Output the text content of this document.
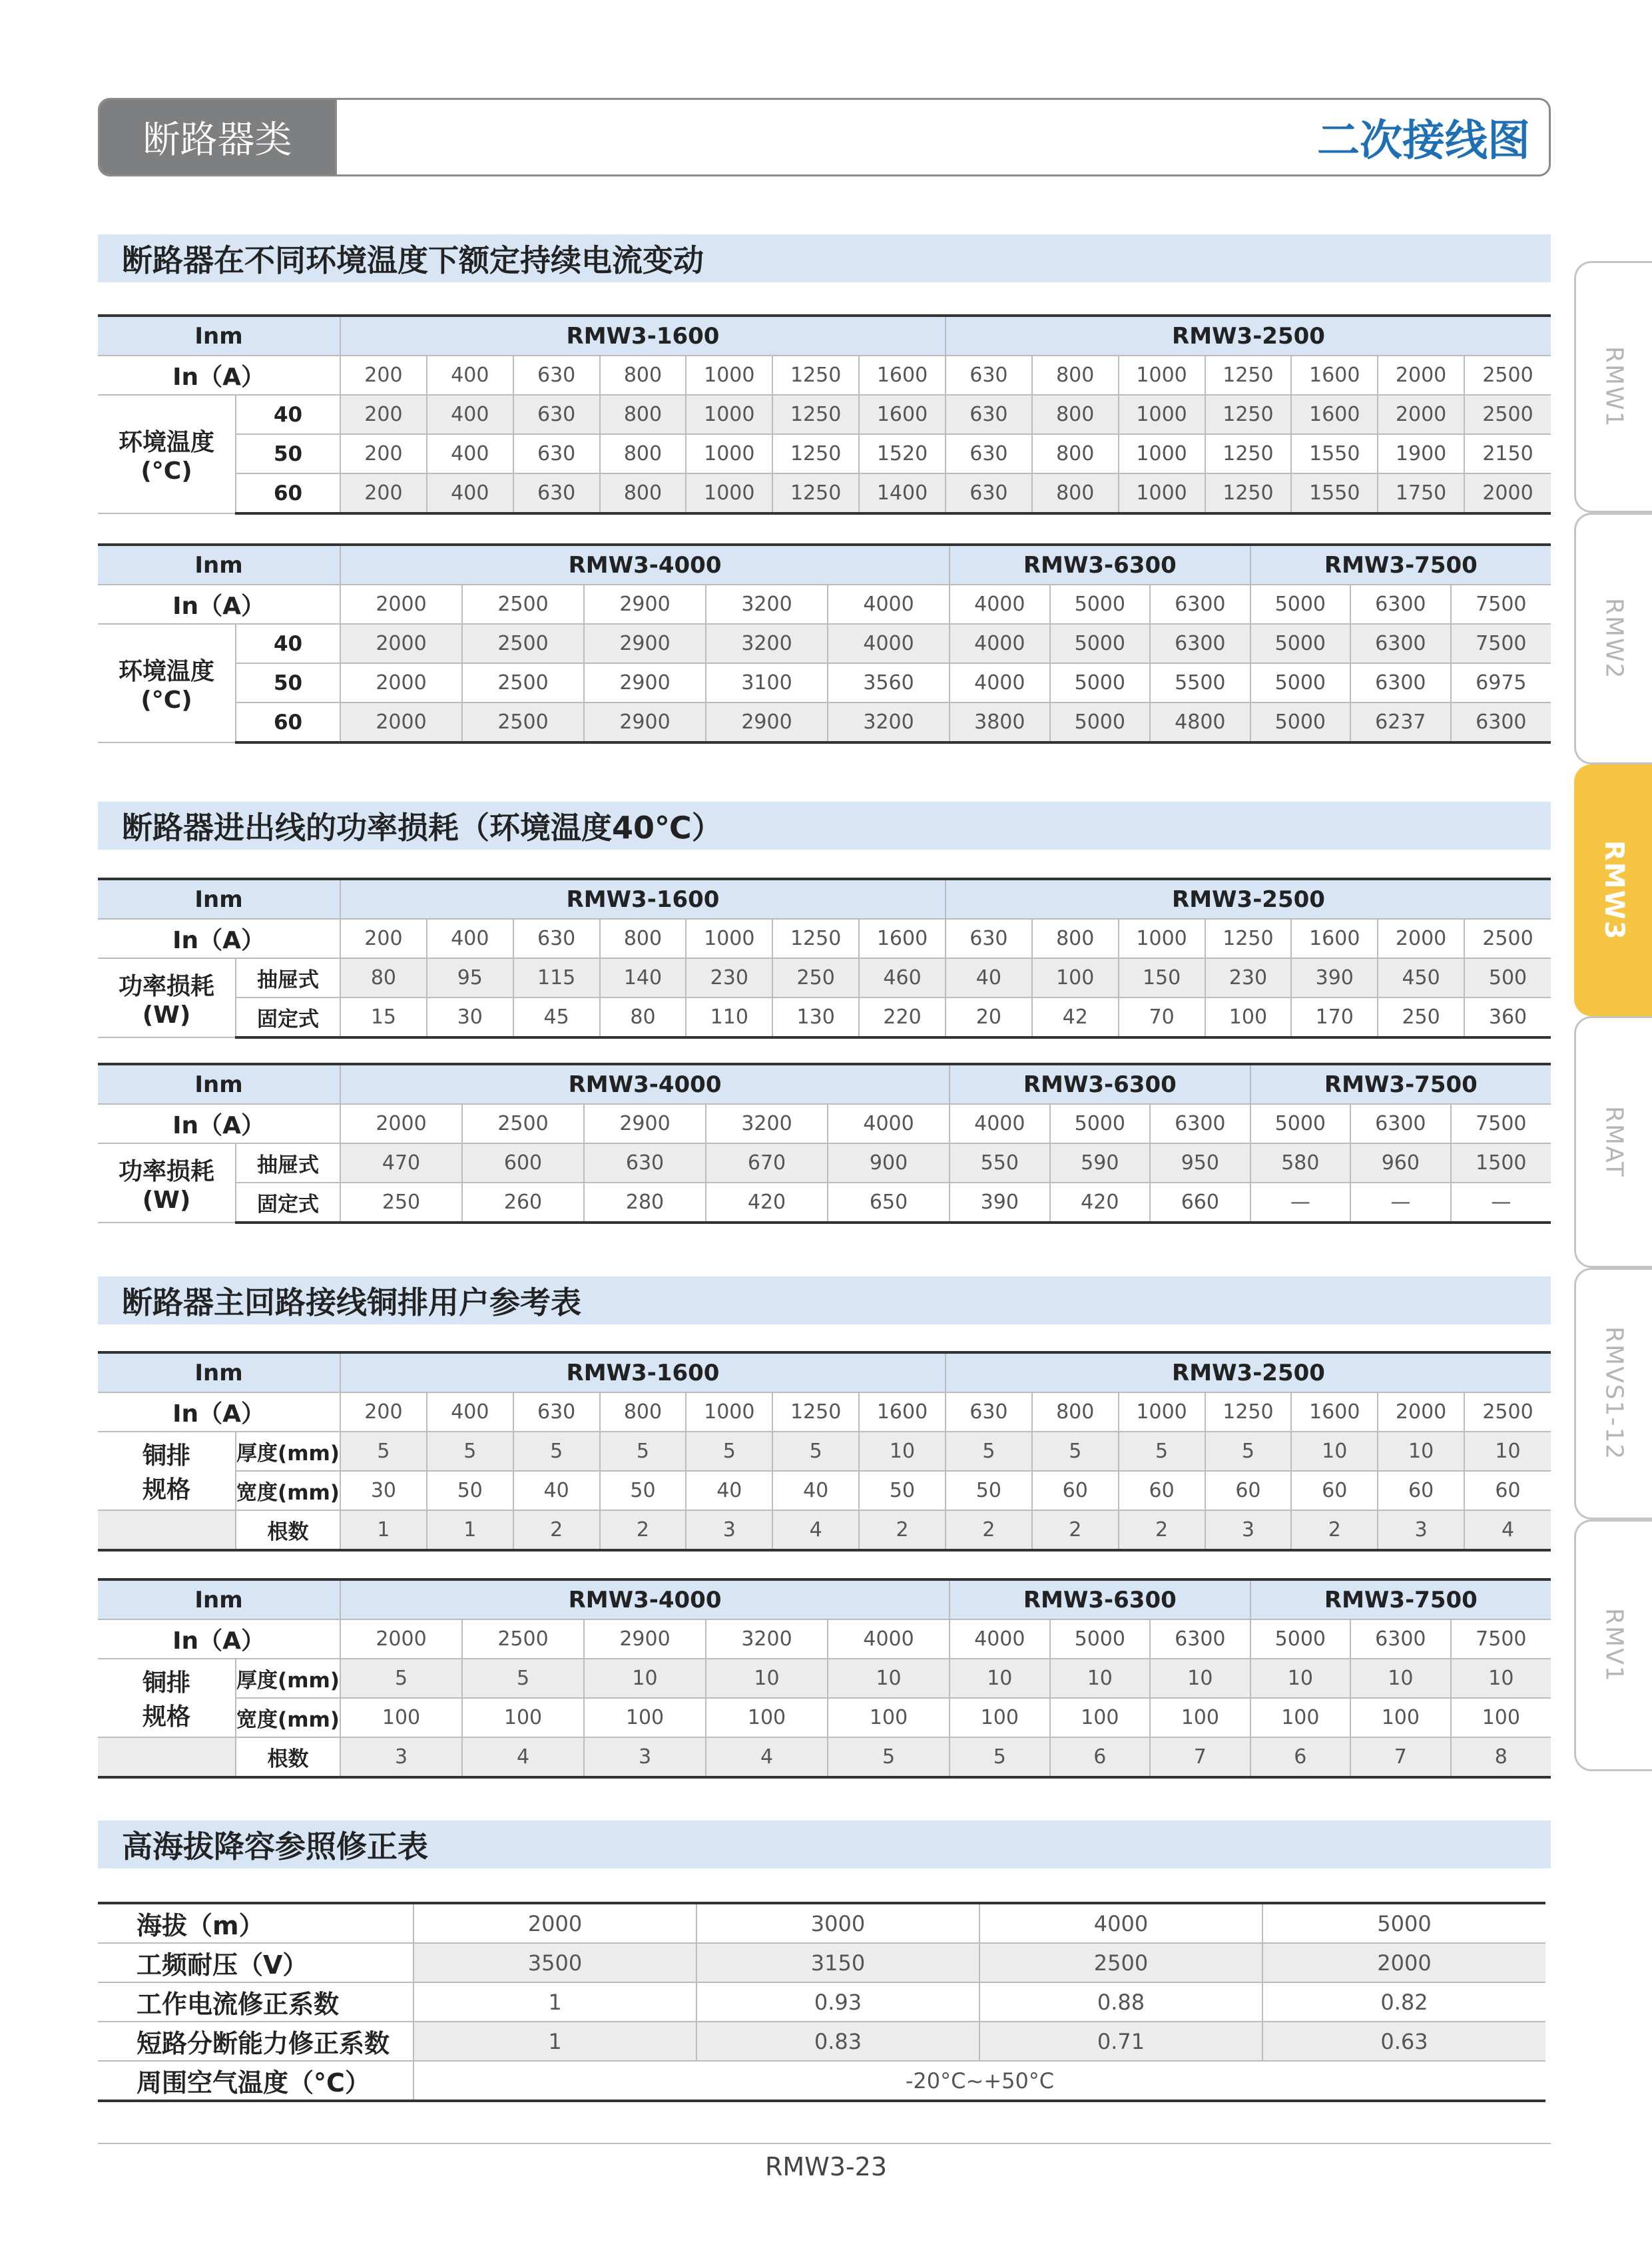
断路器类	二次接线图
断路器在不同环境温度下额定持续电流变动
断路器进出线的功率损耗（环境温度40℃）
断路器主回路接线铜排用户参考表
高海拔降容参照修正表
Inm		RMW3-1600							RMW3-2500						
In（A）		200	400	630	800	1000	1250	1600	630	800	1000	1250	1600	2000	2500
环境温度
(°C)	40	200	400	630	800	1000	1250	1600	630	800	1000	1250	1600	2000	2500
	50	200	400	630	800	1000	1250	1520	630	800	1000	1250	1550	1900	2150
	60	200	400	630	800	1000	1250	1400	630	800	1000	1250	1550	1750	2000
Inm		RMW3-4000					RMW3-6300			RMW3-7500		
In（A）		2000	2500	2900	3200	4000	4000	5000	6300	5000	6300	7500
环境温度
(°C)	40	2000	2500	2900	3200	4000	4000	5000	6300	5000	6300	7500
	50	2000	2500	2900	3100	3560	4000	5000	5500	5000	6300	6975
	60	2000	2500	2900	2900	3200	3800	5000	4800	5000	6237	6300
Inm		RMW3-1600							RMW3-2500						
In（A）		200	400	630	800	1000	1250	1600	630	800	1000	1250	1600	2000	2500
功率损耗
(W)	抽屉式	80	95	115	140	230	250	460	40	100	150	230	390	450	500
	固定式	15	30	45	80	110	130	220	20	42	70	100	170	250	360
Inm		RMW3-4000					RMW3-6300			RMW3-7500		
In（A）		2000	2500	2900	3200	4000	4000	5000	6300	5000	6300	7500
功率损耗
(W)	抽屉式	470	600	630	670	900	550	590	950	580	960	1500
	固定式	250	260	280	420	650	390	420	660	—	—	—
Inm		RMW3-1600							RMW3-2500						
In（A）		200	400	630	800	1000	1250	1600	630	800	1000	1250	1600	2000	2500
铜排
规格	厚度(mm)	5	5	5	5	5	5	10	5	5	5	5	10	10	10
	宽度(mm)	30	50	40	50	40	40	50	50	60	60	60	60	60	60
	根数	1	1	2	2	3	4	2	2	2	2	3	2	3	4
Inm		RMW3-4000					RMW3-6300			RMW3-7500		
In（A）		2000	2500	2900	3200	4000	4000	5000	6300	5000	6300	7500
铜排
规格	厚度(mm)	5	5	10	10	10	10	10	10	10	10	10
	宽度(mm)	100	100	100	100	100	100	100	100	100	100	100
	根数	3	4	3	4	5	5	6	7	6	7	8
海拔（m）	2000	3000	4000	5000
工频耐压（V）	3500	3150	2500	2000
工作电流修正系数	1	0.93	0.88	0.82
短路分断能力修正系数	1	0.83	0.71	0.63
周围空气温度（°C）	-20°C~+50°C			
RMW1
RMW2
RMW3
RMAT
RMVS1-12
RMV1
RMW3-23
